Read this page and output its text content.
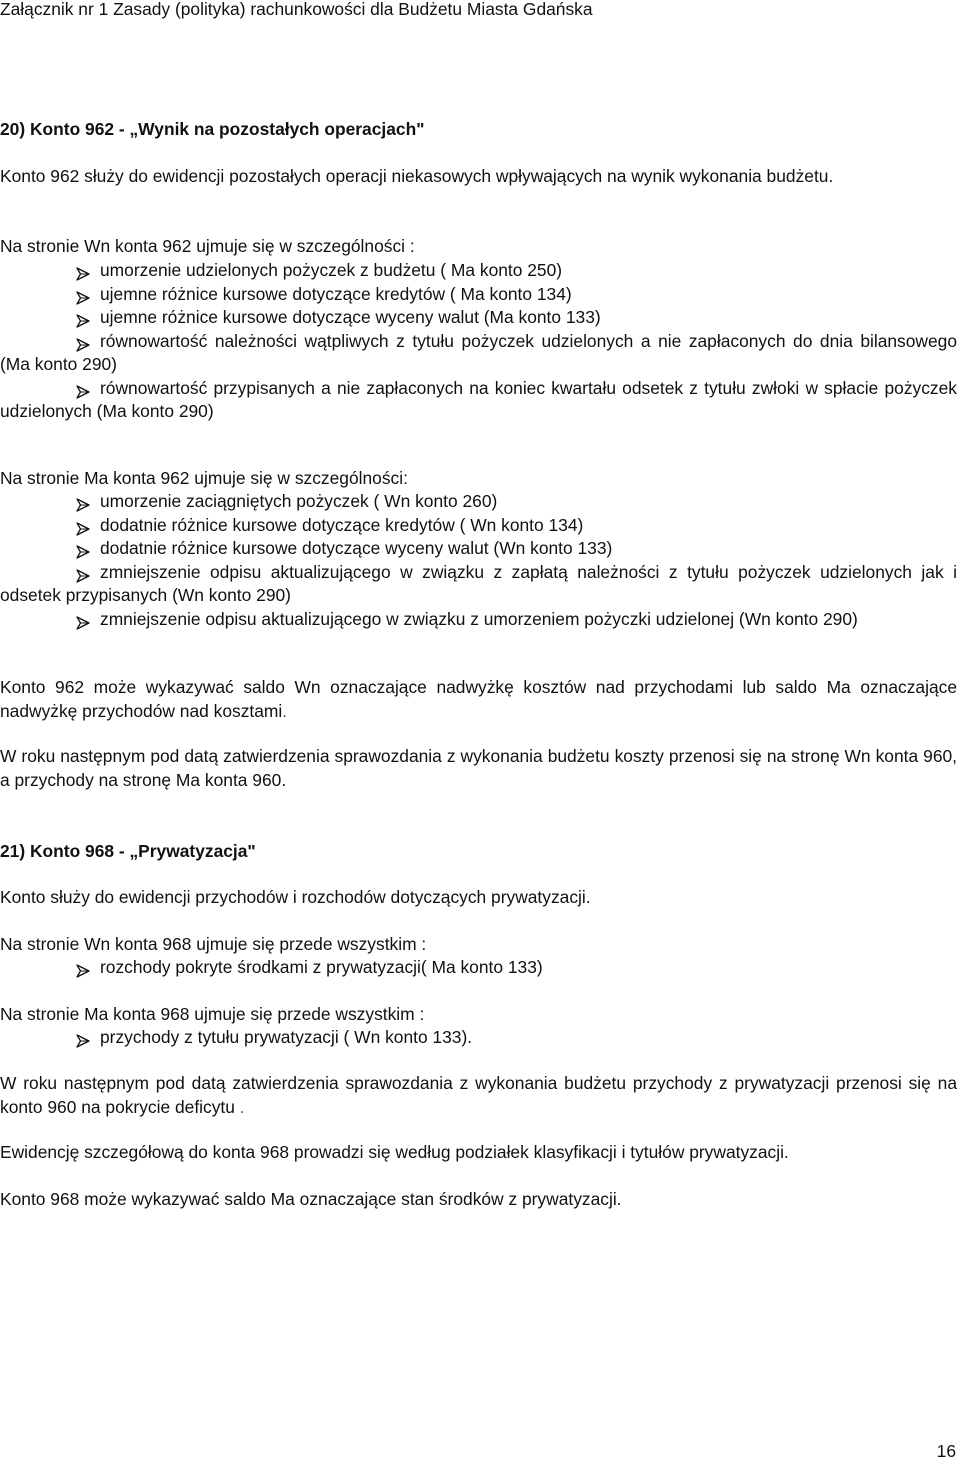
Załącznik nr 1 Zasady (polityka) rachunkowości dla Budżetu Miasta Gdańska
20) Konto 962 - „Wynik na pozostałych operacjach"
Konto 962 służy do ewidencji pozostałych operacji niekasowych wpływających na wynik wykonania budżetu.
Na stronie Wn konta 962 ujmuje się w szczególności :
umorzenie udzielonych pożyczek z budżetu ( Ma konto 250)
ujemne różnice kursowe dotyczące kredytów ( Ma konto 134)
ujemne różnice kursowe dotyczące wyceny walut (Ma konto 133)
równowartość należności wątpliwych z tytułu pożyczek udzielonych a nie zapłaconych do dnia bilansowego (Ma konto 290)
równowartość przypisanych a nie zapłaconych na koniec kwartału odsetek z tytułu zwłoki w spłacie pożyczek udzielonych (Ma konto 290)
Na stronie Ma konta 962 ujmuje się w szczególności:
umorzenie zaciągniętych pożyczek ( Wn konto 260)
dodatnie różnice kursowe dotyczące kredytów ( Wn konto 134)
dodatnie różnice kursowe dotyczące wyceny walut (Wn konto 133)
zmniejszenie odpisu aktualizującego w związku z zapłatą należności z tytułu pożyczek udzielonych jak i odsetek przypisanych (Wn konto 290)
zmniejszenie odpisu aktualizującego w związku z umorzeniem pożyczki udzielonej (Wn konto 290)
Konto 962 może wykazywać saldo Wn oznaczające nadwyżkę kosztów nad przychodami lub saldo Ma oznaczające nadwyżkę przychodów nad kosztami.
W roku następnym pod datą zatwierdzenia sprawozdania z wykonania budżetu koszty przenosi się na stronę Wn konta 960, a przychody na stronę Ma konta 960.
21) Konto 968 - „Prywatyzacja"
Konto służy do ewidencji przychodów i rozchodów dotyczących prywatyzacji.
Na stronie Wn konta 968 ujmuje się przede wszystkim :
rozchody pokryte środkami z prywatyzacji( Ma konto 133)
Na stronie Ma konta 968 ujmuje się przede wszystkim :
przychody z tytułu prywatyzacji ( Wn konto 133).
W roku następnym pod datą zatwierdzenia sprawozdania z wykonania budżetu przychody z prywatyzacji przenosi się na konto 960 na pokrycie deficytu .
Ewidencję szczegółową do konta 968 prowadzi się według podziałek klasyfikacji i tytułów prywatyzacji.
Konto 968 może wykazywać saldo Ma oznaczające stan środków z prywatyzacji.
16
